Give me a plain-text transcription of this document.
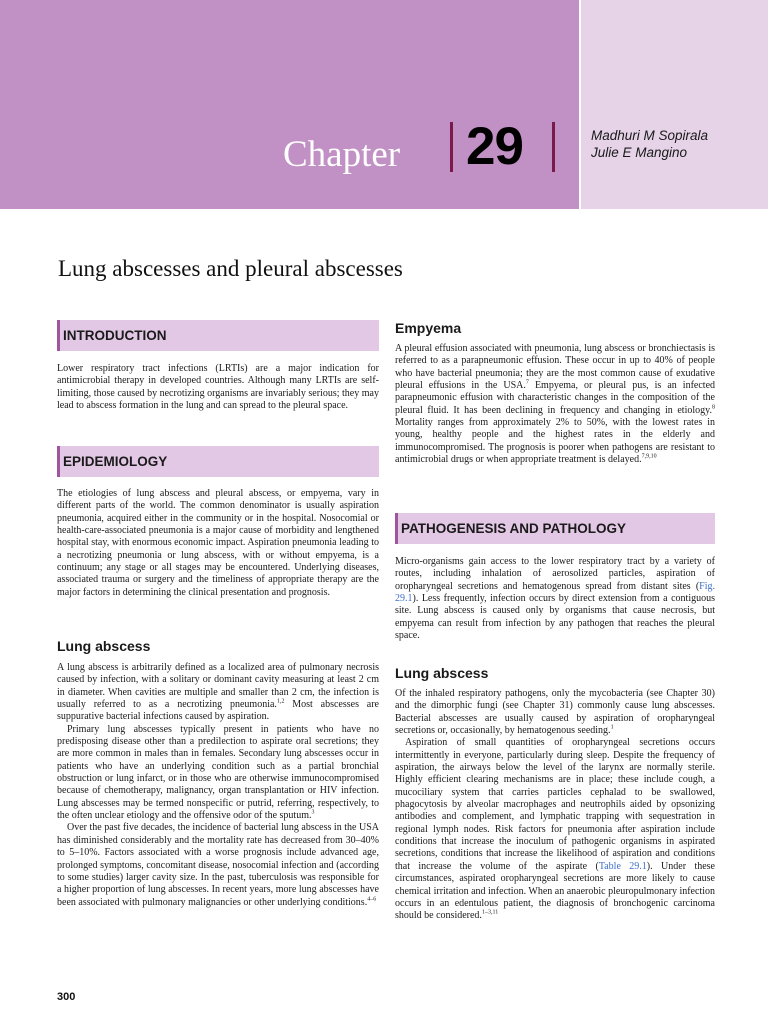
Chapter 29	Madhuri M Sopirala
Julie E Mangino
Lung abscesses and pleural abscesses
INTRODUCTION

Lower respiratory tract infections (LRTIs) are a major indication for antimicrobial therapy in developed countries. Although many LRTIs are self-limiting, those caused by necrotizing organisms are invariably serious; they may lead to abscess formation in the lung and can spread to the pleural space.

EPIDEMIOLOGY

The etiologies of lung abscess and pleural abscess, or empyema, vary in different parts of the world. The common denominator is usually aspiration pneumonia, acquired either in the community or in the hospital. Nosocomial or health-care-associated pneumonia is a major cause of morbidity and lengthened hospital stay, with enormous economic impact. Aspiration pneumonia leading to a necrotizing pneumonia or lung abscess, with or without empyema, is a continuum; any stage or all stages may be encountered. Underlying diseases, associated trauma or surgery and the timeliness of appropriate therapy are the major factors in determining the clinical presentation and prognosis.

Lung abscess

A lung abscess is arbitrarily defined as a localized area of pulmonary necrosis caused by infection, with a solitary or dominant cavity measuring at least 2 cm in diameter. When cavities are multiple and smaller than 2 cm, the infection is usually referred to as a necrotizing pneumonia.$^{1,2}$ Most abscesses are suppurative bacterial infections caused by aspiration.

Primary lung abscesses typically present in patients who have no predisposing disease other than a predilection to aspirate oral secretions; they are more common in males than in females. Secondary lung abscesses occur in patients who have an underlying condition such as a partial bronchial obstruction or lung infarct, or in those who are otherwise immunocompromised because of chemotherapy, malignancy, organ transplantation or HIV infection. Lung abscesses may be termed nonspecific or putrid, referring, respectively, to the often unclear etiology and the offensive odor of the sputum.$^3$

Over the past five decades, the incidence of bacterial lung abscess in the USA has diminished considerably and the mortality rate has decreased from 30–40% to 5–10%. Factors associated with a worse prognosis include advanced age, prolonged symptoms, concomitant disease, nosocomial infection and (according to some studies) larger cavity size. In the past, tuberculosis was responsible for a higher proportion of lung abscesses. In recent years, more lung abscesses have been associated with pulmonary malignancies or other underlying conditions.$^{4-6}$

Empyema

A pleural effusion associated with pneumonia, lung abscess or bronchiectasis is referred to as a parapneumonic effusion. These occur in up to 40% of people who have bacterial pneumonia; they are the most common cause of exudative pleural effusions in the USA.$^7$ Empyema, or pleural pus, is an infected parapneumonic effusion with characteristic changes in the composition of the pleural fluid. It has been declining in frequency and changing in etiology.$^8$ Mortality ranges from approximately 2% to 50%, with the lowest rates in young, healthy people and the highest rates in the elderly and immunocompromised. The prognosis is poorer when pathogens are resistant to antimicrobial drugs or when appropriate treatment is delayed.$^{7,9,10}$

PATHOGENESIS AND PATHOLOGY

Micro-organisms gain access to the lower respiratory tract by a variety of routes, including inhalation of aerosolized particles, aspiration of oropharyngeal secretions and hematogenous spread from distant sites (Fig. 29.1). Less frequently, infection occurs by direct extension from a contiguous site. Lung abscess is caused only by organisms that cause necrosis, but empyema can result from infection by any pathogen that reaches the pleural space.

Lung abscess

Of the inhaled respiratory pathogens, only the mycobacteria (see Chapter 30) and the dimorphic fungi (see Chapter 31) commonly cause lung abscesses. Bacterial abscesses are usually caused by aspiration of oropharyngeal secretions or, occasionally, by hematogenous seeding.$^1$

Aspiration of small quantities of oropharyngeal secretions occurs intermittently in everyone, particularly during sleep. Despite the frequency of aspiration, the airways below the level of the larynx are normally sterile. Highly efficient clearing mechanisms are in place; these include cough, a mucociliary system that carries particles cephalad to be swallowed, phagocytosis by alveolar macrophages and neutrophils aided by opsonizing antibodies and complement, and lymphatic trapping with sequestration in regional lymph nodes. Risk factors for pneumonia after aspiration include conditions that increase the inoculum of pathogenic organisms in aspirated secretions, conditions that increase the likelihood of aspiration and conditions that increase the volume of the aspirate (Table 29.1). Under these circumstances, aspirated oropharyngeal secretions are more likely to cause chemical irritation and infection. When an anaerobic pleuropulmonary infection occurs in an edentulous patient, the diagnosis of bronchogenic carcinoma should be considered.$^{1-3,11}$

300
